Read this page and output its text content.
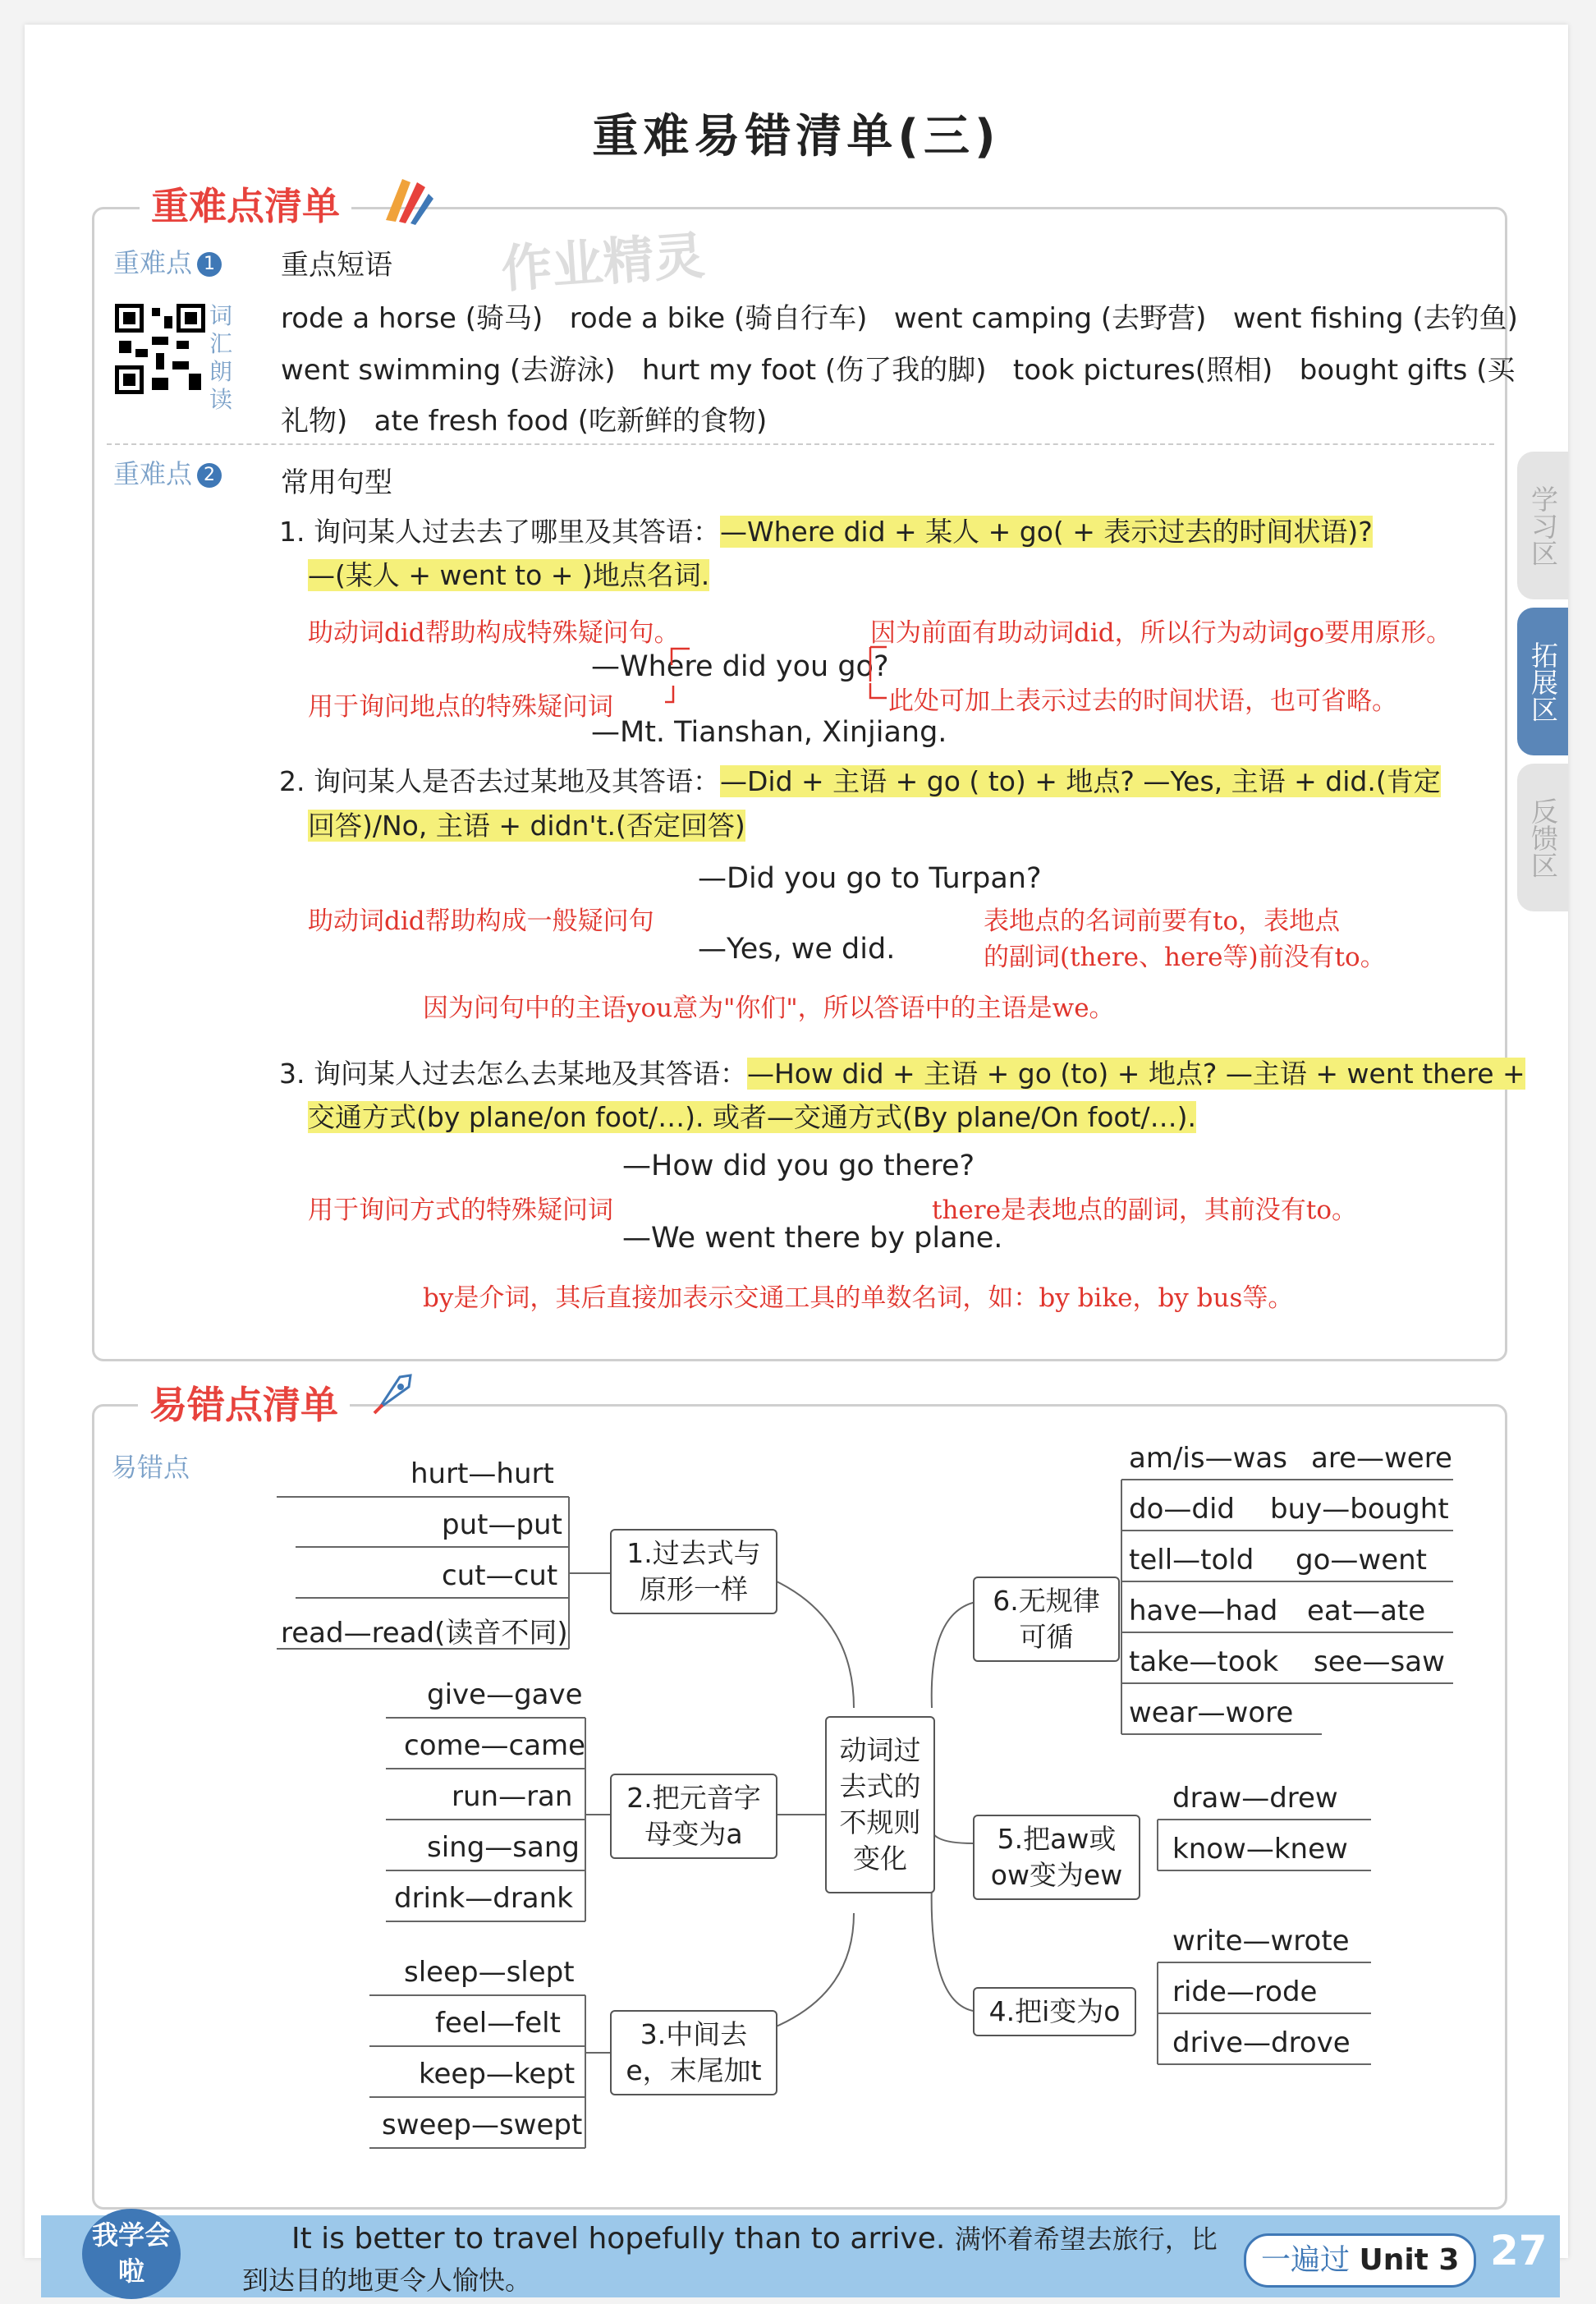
重难易错清单(三)
重难点清单
作业精灵
重难点 1
词汇朗读
重点短语
rode a horse (骑马)   rode a bike (骑自行车)   went camping (去野营)   went fishing (去钓鱼)
went swimming (去游泳)   hurt my foot (伤了我的脚)   took pictures(照相)   bought gifts (买
礼物)   ate fresh food (吃新鲜的食物)
重难点 2 常用句型
1. 询问某人过去去了哪里及其答语：—Where did + 某人 + go( + 表示过去的时间状语)?
—(某人 + went to + )地点名词.
助动词did帮助构成特殊疑问句。	因为前面有助动词did，所以行为动词go要用原形。
—Where did you go?
用于询问地点的特殊疑问词	此处可加上表示过去的时间状语，也可省略。
—Mt. Tianshan, Xinjiang.
2. 询问某人是否去过某地及其答语：—Did + 主语 + go ( to) + 地点? —Yes, 主语 + did.(肯定
回答)/No, 主语 + didn't.(否定回答)
—Did you go to Turpan?
助动词did帮助构成一般疑问句	表地点的名词前要有to，表地点
—Yes, we did.	的副词(there、here等)前没有to。
因为问句中的主语you意为"你们"，所以答语中的主语是we。
3. 询问某人过去怎么去某地及其答语：—How did + 主语 + go (to) + 地点? —主语 + went there +
交通方式(by plane/on foot/…). 或者—交通方式(By plane/On foot/…).
—How did you go there?
用于询问方式的特殊疑问词	there是表地点的副词，其前没有to。
—We went there by plane.
by是介词，其后直接加表示交通工具的单数名词，如：by bike，by bus等。
易错点清单
易错点
动词过去式的不规则变化
1.过去式与原形一样
hurt—hurt
put—put
cut—cut
read—read(读音不同)
2.把元音字母变为a
give—gave
come—came
run—ran
sing—sang
drink—drank
3.中间去e，末尾加t
sleep—slept
feel—felt
keep—kept
sweep—swept
6.无规律可循
am/is—was are—were
do—did buy—bought
tell—told go—went
have—had eat—ate
take—took see—saw
wear—wore
5.把aw或ow变为ew
draw—drew
know—knew
4.把i变为o
write—wrote
ride—rode
drive—drove
学习区
拓展区
反馈区
我学会啦
It is better to travel hopefully than to arrive. 满怀着希望去旅行，比
到达目的地更令人愉快。
一遍过 Unit 3 27
